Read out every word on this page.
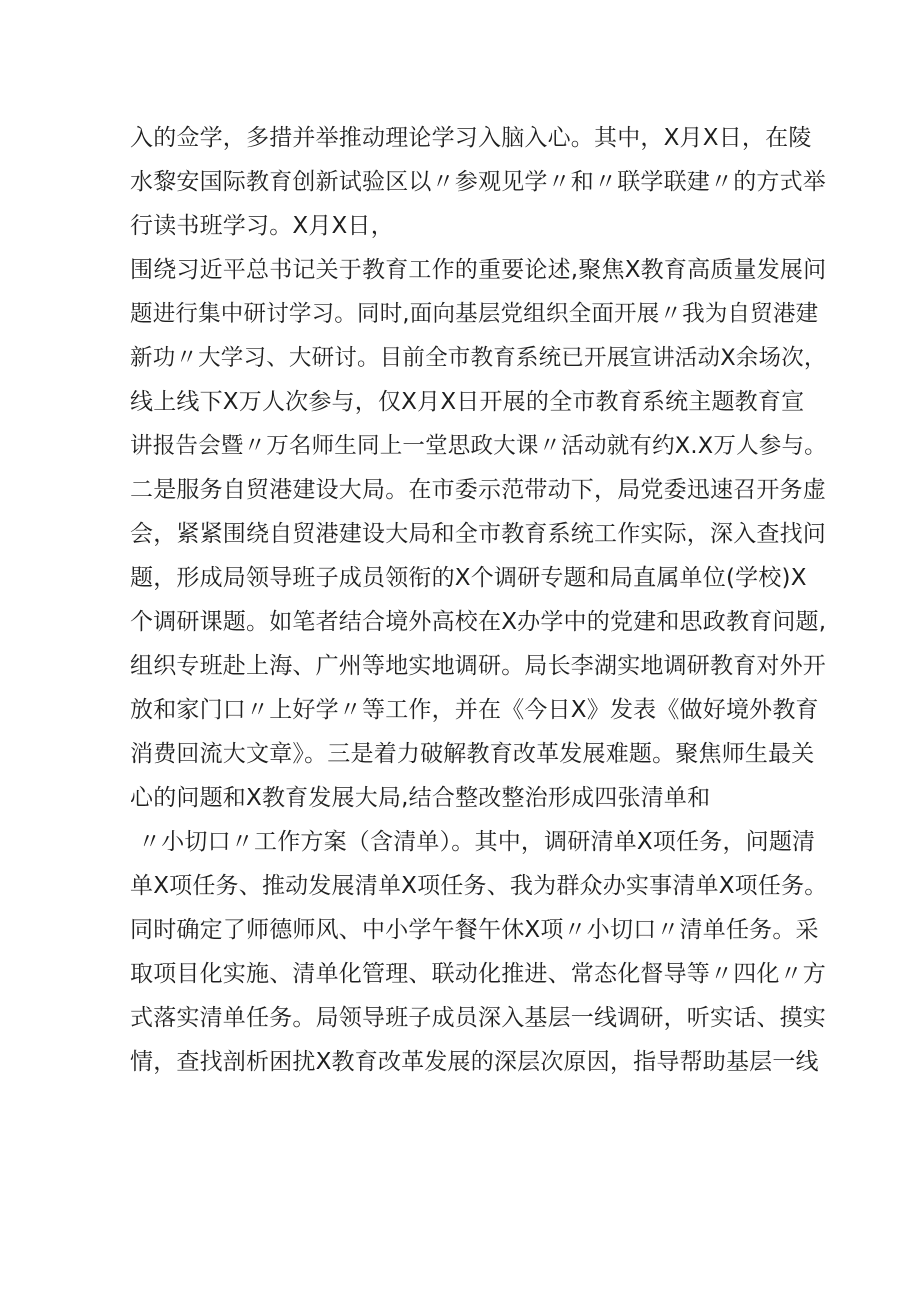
入的佥学，多措并举推动理论学习入脑入心。其中，X月X日，在陵
水黎安国际教育创新试验区以〃参观见学〃和〃联学联建〃的方式举
行读书班学习。X月X日，
围绕习近平总书记关于教育工作的重要论述,聚焦X教育高质量发展问
题进行集中研讨学习。同时,面向基层党组织全面开展〃我为自贸港建
新功〃大学习、大研讨。目前全市教育系统已开展宣讲活动X余场次，
线上线下X万人次参与，仅X月X日开展的全市教育系统主题教育宣
讲报告会暨〃万名师生同上一堂思政大课〃活动就有约X.X万人参与。
二是服务自贸港建设大局。在市委示范带动下，局党委迅速召开务虚
会，紧紧围绕自贸港建设大局和全市教育系统工作实际，深入查找问
题，形成局领导班子成员领衔的X个调研专题和局直属单位(学校)X
个调研课题。如笔者结合境外高校在X办学中的党建和思政教育问题,
组织专班赴上海、广州等地实地调研。局长李湖实地调研教育对外开
放和家门口〃上好学〃等工作，并在《今日X》发表《做好境外教育
消费回流大文章》。三是着力破解教育改革发展难题。聚焦师生最关
心的问题和X教育发展大局,结合整改整治形成四张清单和
〃小切口〃工作方案（含清单）。其中，调研清单X项任务，问题清
单X项任务、推动发展清单X项任务、我为群众办实事清单X项任务。
同时确定了师德师风、中小学午餐午休X项〃小切口〃清单任务。采
取项目化实施、清单化管理、联动化推进、常态化督导等〃四化〃方
式落实清单任务。局领导班子成员深入基层一线调研，听实话、摸实
情，查找剖析困扰X教育改革发展的深层次原因，指导帮助基层一线
